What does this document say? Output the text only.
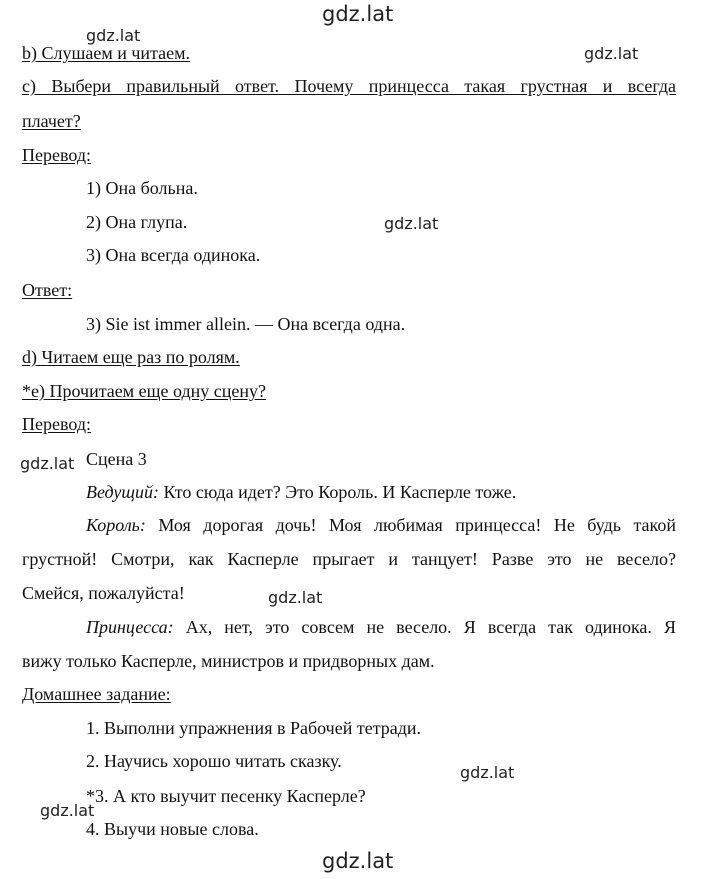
gdz.lat
gdz.lat
gdz.lat
gdz.lat
gdz.lat
gdz.lat
gdz.lat
gdz.lat
gdz.lat
b) Слушаем и читаем.
c) Выбери правильный ответ. Почему принцесса такая грустная и всегда
плачет?
Перевод:
1) Она больна.
2) Она глупа.
3) Она всегда одинока.
Ответ:
3) Sie ist immer allein. — Она всегда одна.
d) Читаем еще раз по ролям.
*e) Прочитаем еще одну сцену?
Перевод:
Сцена 3
Ведущий: Кто сюда идет? Это Король. И Касперле тоже.
Король: Моя дорогая дочь! Моя любимая принцесса! Не будь такой
грустной! Смотри, как Касперле прыгает и танцует! Разве это не весело?
Смейся, пожалуйста!
Принцесса: Ах, нет, это совсем не весело. Я всегда так одинока. Я
вижу только Касперле, министров и придворных дам.
Домашнее задание:
1. Выполни упражнения в Рабочей тетради.
2. Научись хорошо читать сказку.
*3. А кто выучит песенку Касперле?
4. Выучи новые слова.
